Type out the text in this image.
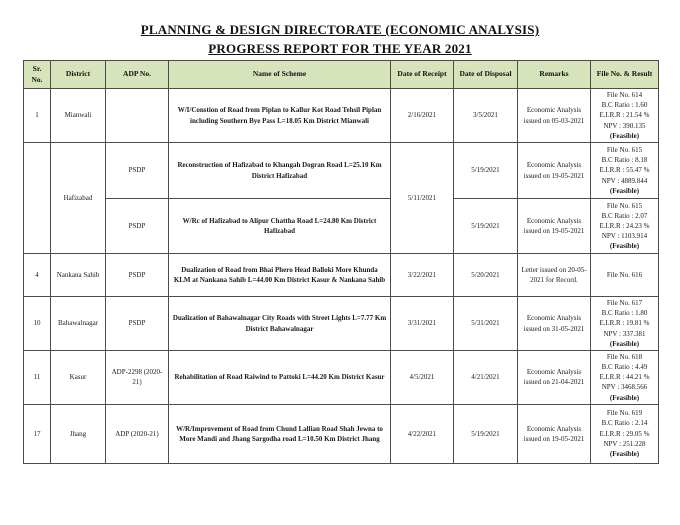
PLANNING & DESIGN DIRECTORATE (ECONOMIC ANALYSIS)
PROGRESS REPORT FOR THE YEAR 2021
Sr. No.	District	ADP No.	Name of Scheme	Date of Receipt	Date of Disposal	Remarks	File No. & Result
1	Mianwali		W/I/Constion of Road from Piplan to Kallur Kot Road Tehsil Piplan including Southern Bye Pass L=18.05 Km District Mianwali	2/16/2021	3/5/2021	Economic Analysis issued on 05-03-2021	File No. 614
B.C Ratio : 1.60
E.I.R.R : 21.54 %
NPV : 390.135
(Feasible)

	Hafizabad	PSDP	Reconstruction of Hafizabad to Khangah Dogran Road L=25.10 Km District Hafizabad	5/11/2021	5/19/2021	Economic Analysis issued on 19-05-2021	File No. 615
B.C Ratio : 8.18
E.I.R.R : 55.47 %
NPV : 4889.844
(Feasible)

		PSDP	W/Rc of Hafizabad to Alipur Chattha Road L=24.80 Km District Hafizabad		5/19/2021	Economic Analysis issued on 19-05-2021	File No. 615
B.C Ratio : 2.07
E.I.R.R : 24.23 %
NPV : 1103.914
(Feasible)

4	Nankana Sahib	PSDP	Dualization of Road from Bhai Phero Head Balloki More Khunda KLM at Nankana Sahib L=44.00 Km District Kasur & Nankana Sahib	3/22/2021	5/20/2021	Letter issued on 20-05-2021 for Record.	File No. 616

10	Bahawalnagar	PSDP	Dualization of Bahawalnagar City Roads with Street Lights L=7.77 Km District Bahawalnagar	3/31/2021	5/31/2021	Economic Analysis issued on 31-05-2021	File No. 617
B.C Ratio : 1.80
E.I.R.R : 19.81 %
NPV : 337.381
(Feasible)

11	Kasur	ADP-2298 (2020-21)	Rehabilitation of Road Raiwind to Pattoki L=44.20 Km District Kasur	4/5/2021	4/21/2021	Economic Analysis issued on 21-04-2021	File No. 618
B.C Ratio : 4.49
E.I.R.R : 44.21 %
NPV : 3468.566
(Feasible)

17	Jhang	ADP (2020-21)	W/R/Improvement of Road from Chund Lallian Road Shah Jewna to More Mandi and Jhang Sargodha road L=10.50 Km District Jhang	4/22/2021	5/19/2021	Economic Analysis issued on 19-05-2021	File No. 619
B.C Ratio : 2.14
E.I.R.R : 29.05 %
NPV : 251.228
(Feasible)
